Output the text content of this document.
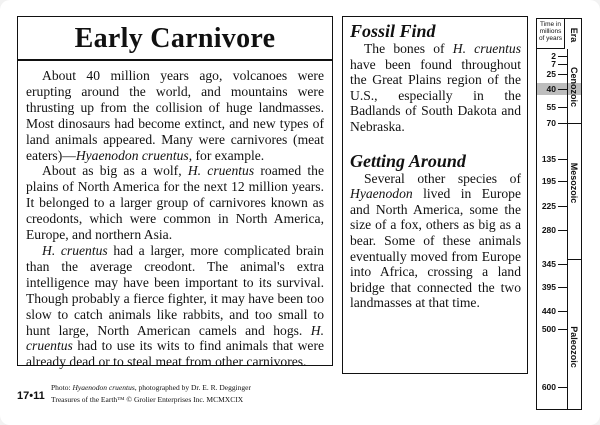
Early Carnivore

About 40 million years ago, volcanoes were erupting around the world, and mountains were thrusting up from the collision of huge landmasses. Most dinosaurs had become extinct, and new types of land animals appeared. Many were carnivores (meat eaters)—Hyaenodon cruentus, for example.

About as big as a wolf, H. cruentus roamed the plains of North America for the next 12 million years. It belonged to a larger group of carnivores known as creodonts, which were common in North America, Europe, and northern Asia.

H. cruentus had a larger, more complicated brain than the average creodont. The animal's extra intelligence may have been important to its survival. Though probably a fierce fighter, it may have been too slow to catch animals like rabbits, and too small to hunt large, North American camels and hogs. H. cruentus had to use its wits to find animals that were already dead or to steal meat from other carnivores.

Fossil Find

The bones of H. cruentus have been found throughout the Great Plains region of the U.S., especially in the Badlands of South Dakota and Nebraska.

Getting Around

Several other species of Hyaenodon lived in Europe and North America, some the size of a fox, others as big as a bear. Some of these animals eventually moved from Europe into Africa, crossing a land bridge that connected the two landmasses at that time.

17•11
Photo: Hyaenodon cruentus, photographed by Dr. E. R. Degginger
Treasures of the Earth™ © Grolier Enterprises Inc. MCMXCIX
Time in millions of years Era
2
7
25
40
55
70
135
195
225
280
345
395
440
500
600
Cenozoic
Mesozoic
Paleozoic
